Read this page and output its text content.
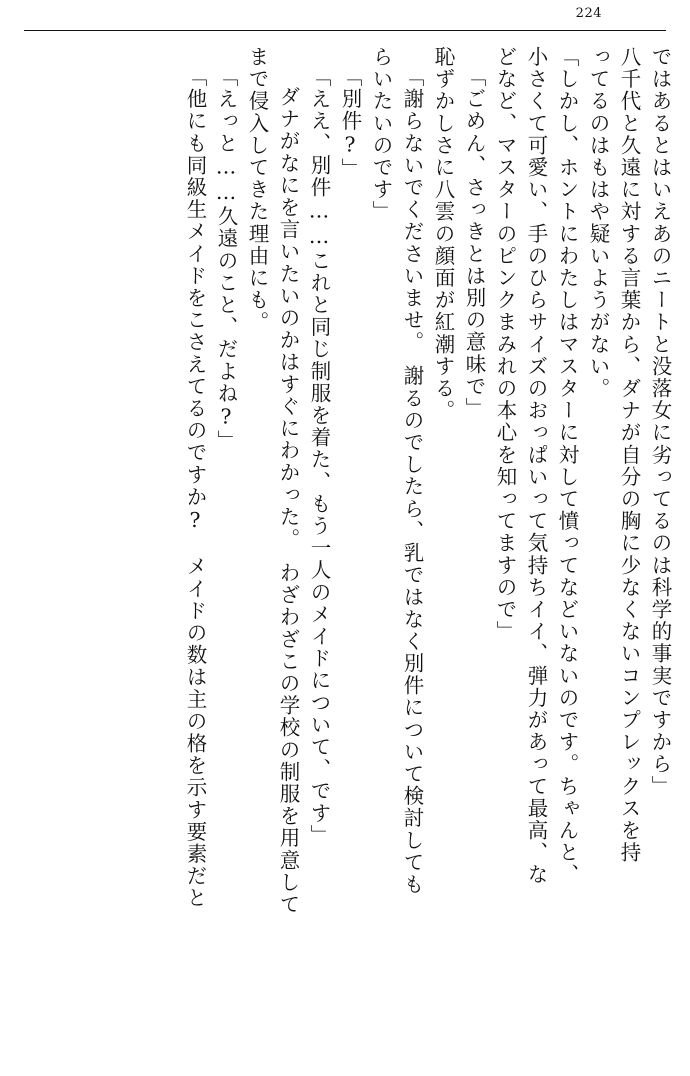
224
ではあるとはいえあのニートと没落女に劣ってるのは科学的事実ですから」
八千代と久遠に対する言葉から、ダナが自分の胸に少なくないコンプレックスを持
ってるのはもはや疑いようがない。
「しかし、ホントにわたしはマスターに対して憤ってなどいないのです。ちゃんと、
小さくて可愛い、手のひらサイズのおっぱいって気持ちイイ、弾力があって最高、な
どなど、マスターのピンクまみれの本心を知ってますので」
「ごめん、さっきとは別の意味で」
恥ずかしさに八雲の顔面が紅潮する。
「謝らないでくださいませ。　謝るのでしたら、乳ではなく別件について検討しても
らいたいのです」
「別件?」
「ええ、別件……これと同じ制服を着た、もう一人のメイドについて、です」
ダナがなにを言いたいのかはすぐにわかった。　わざわざこの学校の制服を用意して
まで侵入してきた理由にも。
「えっと……久遠のこと、だよね?」
「他にも同級生メイドをこさえてるのですか?　メイドの数は主の格を示す要素だと
